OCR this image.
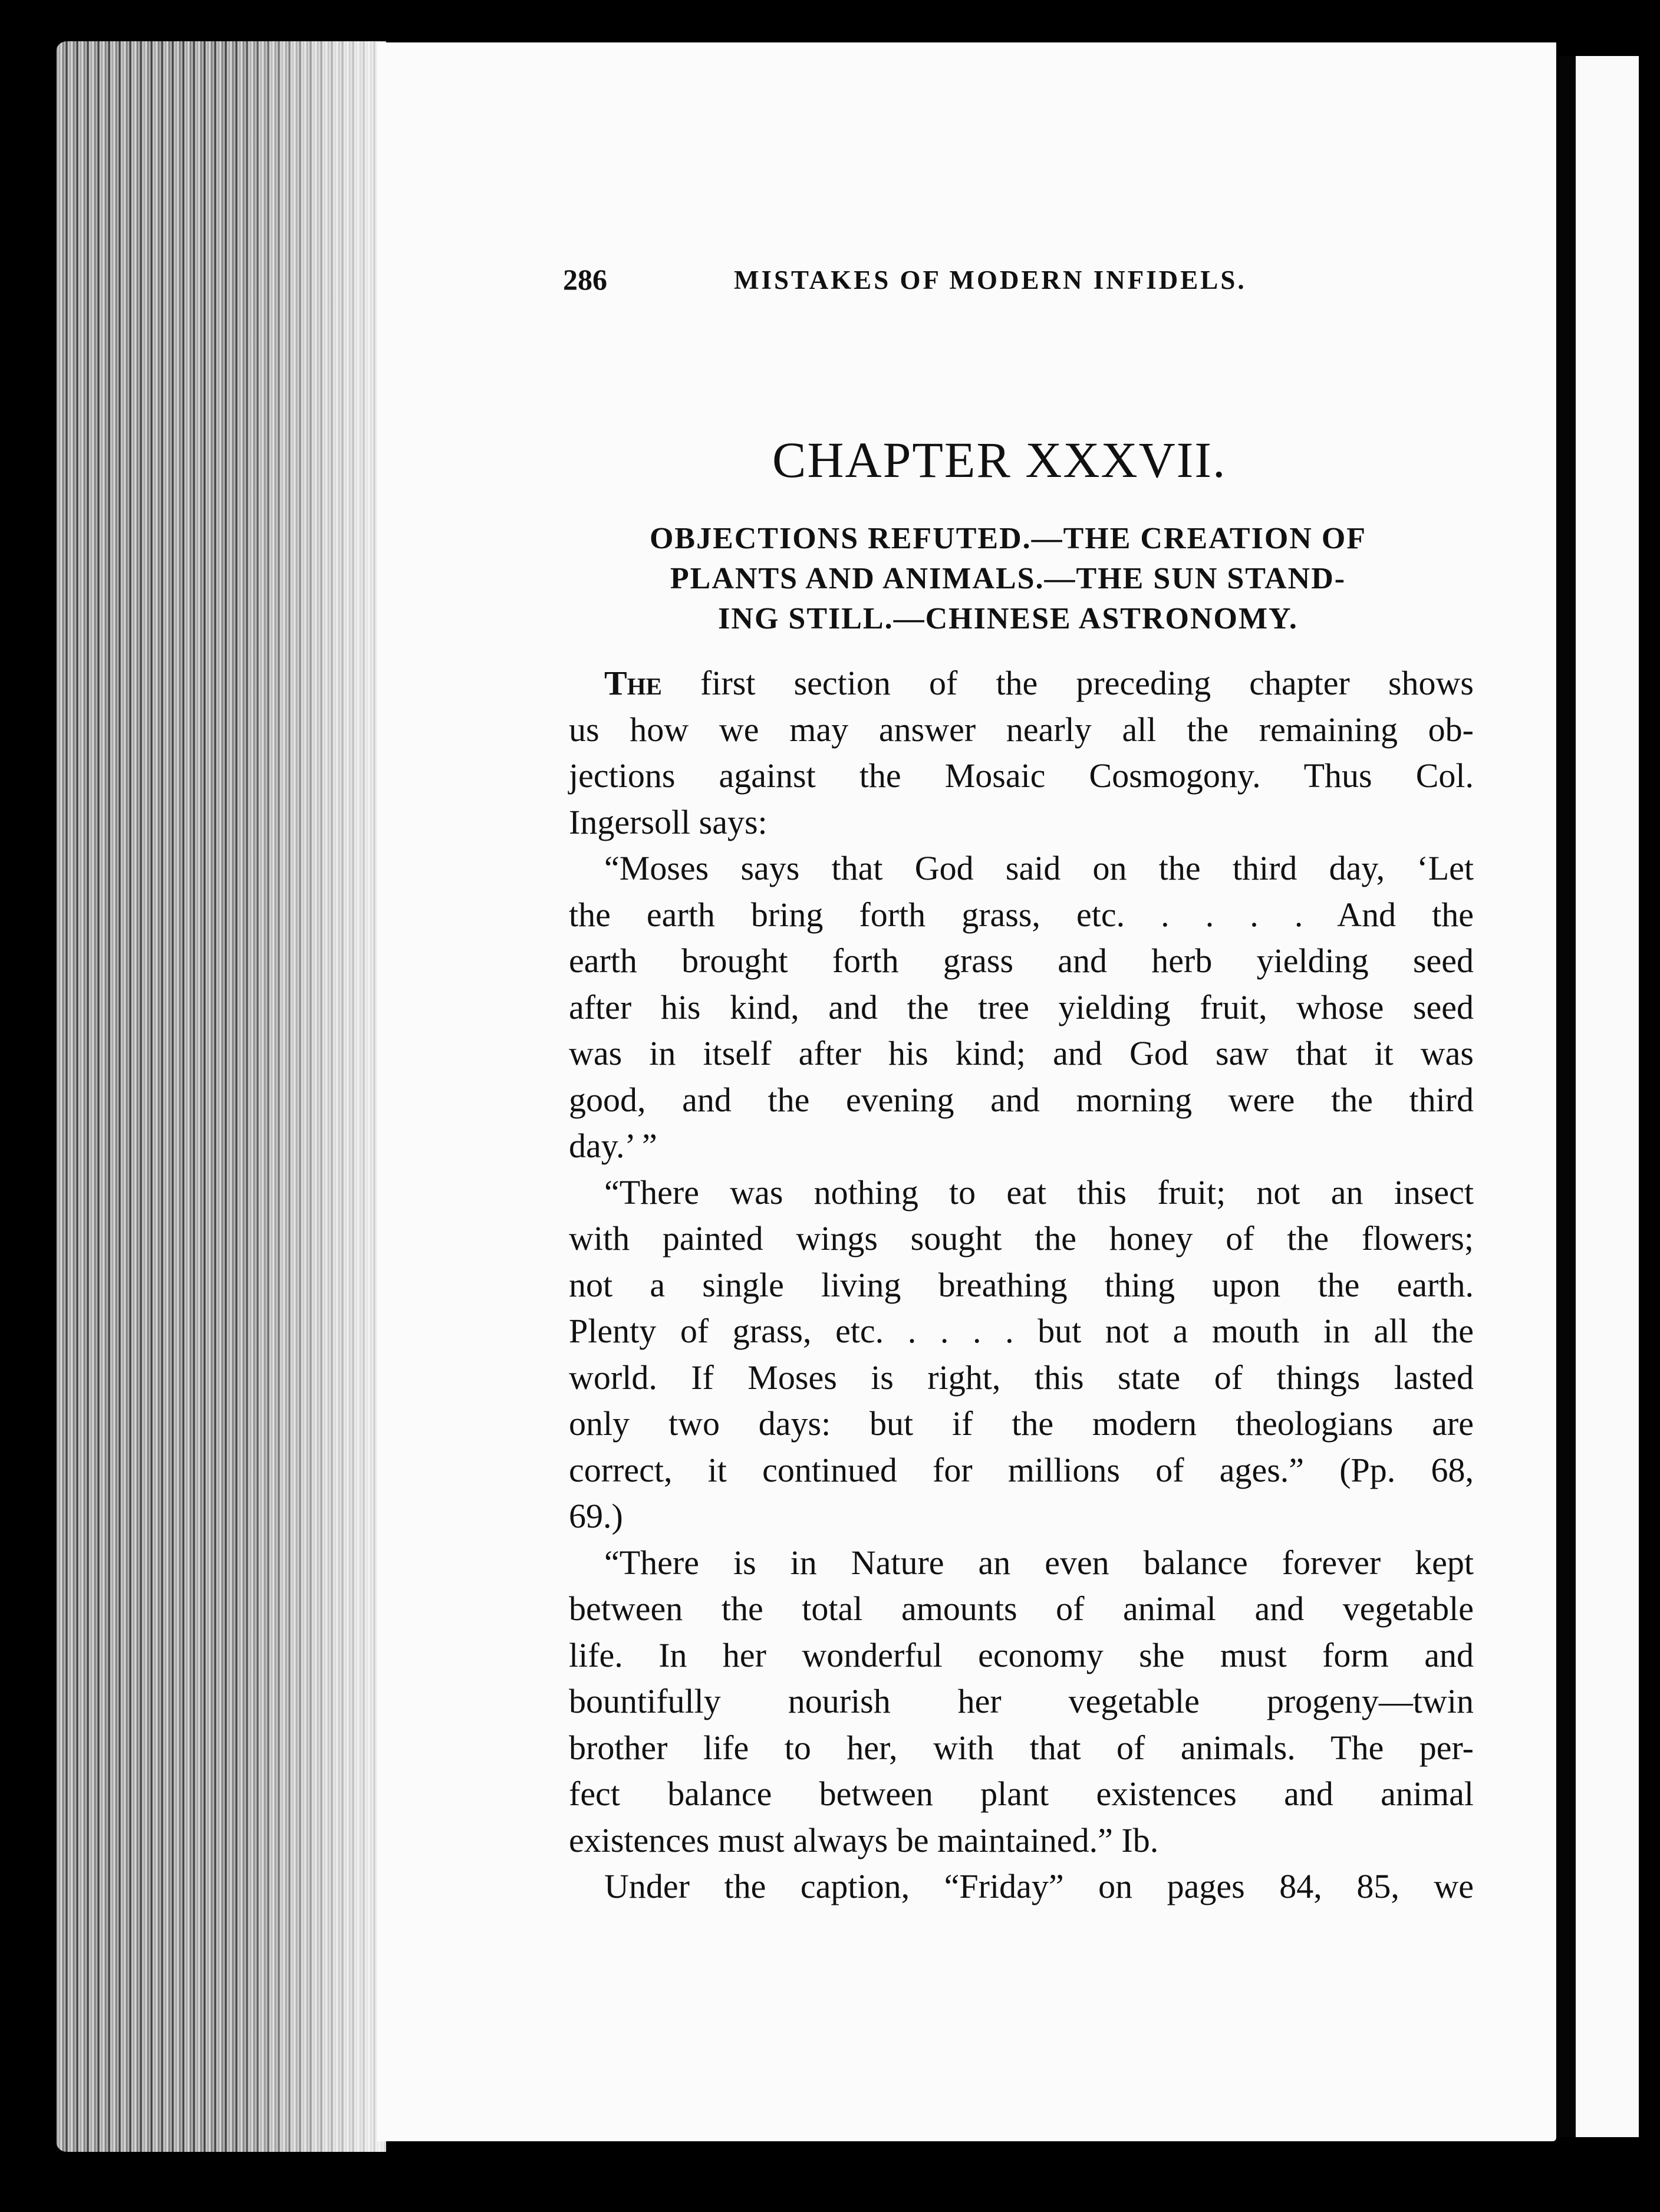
286	MISTAKES OF MODERN INFIDELS.
CHAPTER XXXVII.
OBJECTIONS REFUTED.—THE CREATION OF
PLANTS AND ANIMALS.—THE SUN STAND-
ING STILL.—CHINESE ASTRONOMY.
The first section of the preceding chapter shows
us how we may answer nearly all the remaining ob-
jections against the Mosaic Cosmogony. Thus Col.
Ingersoll says:
“Moses says that God said on the third day, ‘Let
the earth bring forth grass, etc. . . . . And the
earth brought forth grass and herb yielding seed
after his kind, and the tree yielding fruit, whose seed
was in itself after his kind; and God saw that it was
good, and the evening and morning were the third
day.’ ”
“There was nothing to eat this fruit; not an insect
with painted wings sought the honey of the flowers;
not a single living breathing thing upon the earth.
Plenty of grass, etc. . . . . but not a mouth in all the
world. If Moses is right, this state of things lasted
only two days: but if the modern theologians are
correct, it continued for millions of ages.” (Pp. 68,
69.)
“There is in Nature an even balance forever kept
between the total amounts of animal and vegetable
life. In her wonderful economy she must form and
bountifully nourish her vegetable progeny—twin
brother life to her, with that of animals. The per-
fect balance between plant existences and animal
existences must always be maintained.” Ib.
Under the caption, “Friday” on pages 84, 85, we
